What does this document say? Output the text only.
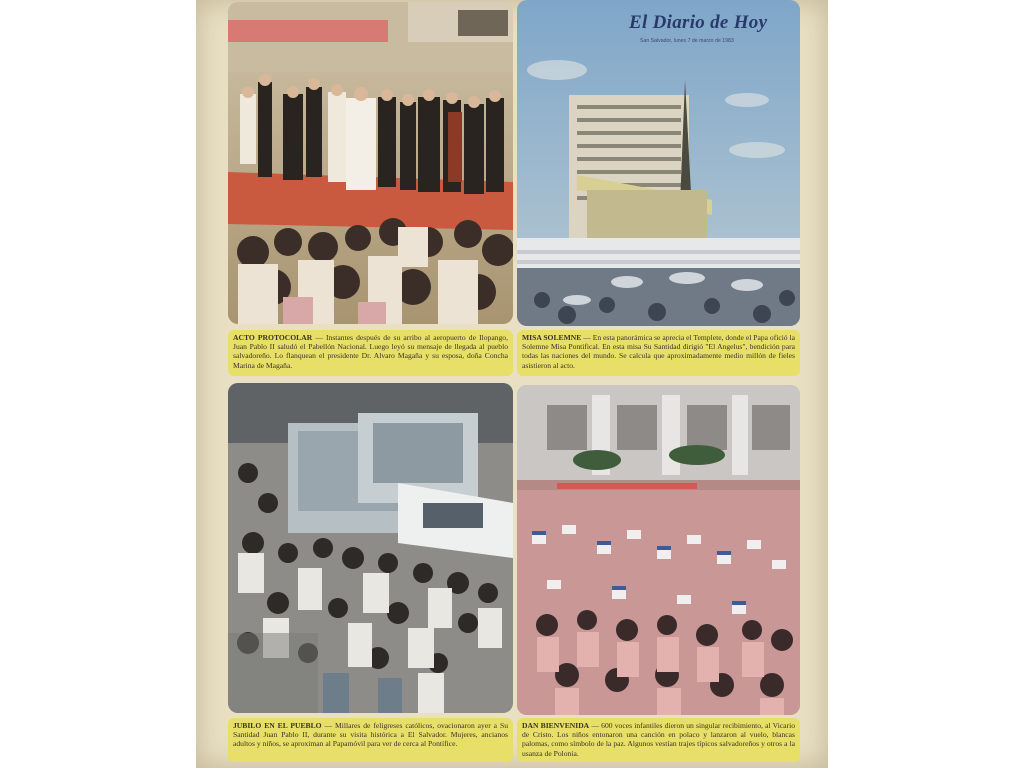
El Diario de Hoy
San Salvador, lunes 7 de marzo de 1983
ACTO PROTOCOLAR — Instantes después de su arribo al aeropuerto de Ilopango, Juan Pablo II saludó el Pabellón Nacional. Luego leyó su mensaje de llegada al pueblo salvadoreño. Lo flanquean el presidente Dr. Alvaro Magaña y su esposa, doña Concha Marina de Magaña.
MISA SOLEMNE — En esta panorámica se aprecia el Templete, donde el Papa ofició la Solemne Misa Pontifical. En esta misa Su Santidad dirigió "El Angelus", bendición para todas las naciones del mundo. Se calcula que aproximadamente medio millón de fieles asistieron al acto.
JUBILO EN EL PUEBLO — Millares de feligreses católicos, ovacionaron ayer a Su Santidad Juan Pablo II, durante su visita histórica a El Salvador. Mujeres, ancianos adultos y niños, se aproximan al Papamóvil para ver de cerca al Pontífice.
DAN BIENVENIDA — 600 voces infantiles dieron un singular recibimiento, al Vicario de Cristo. Los niños entonaron una canción en polaco y lanzaron al vuelo, blancas palomas, como símbolo de la paz. Algunos vestían trajes típicos salvadoreños y otros a la usanza de Polonia.
